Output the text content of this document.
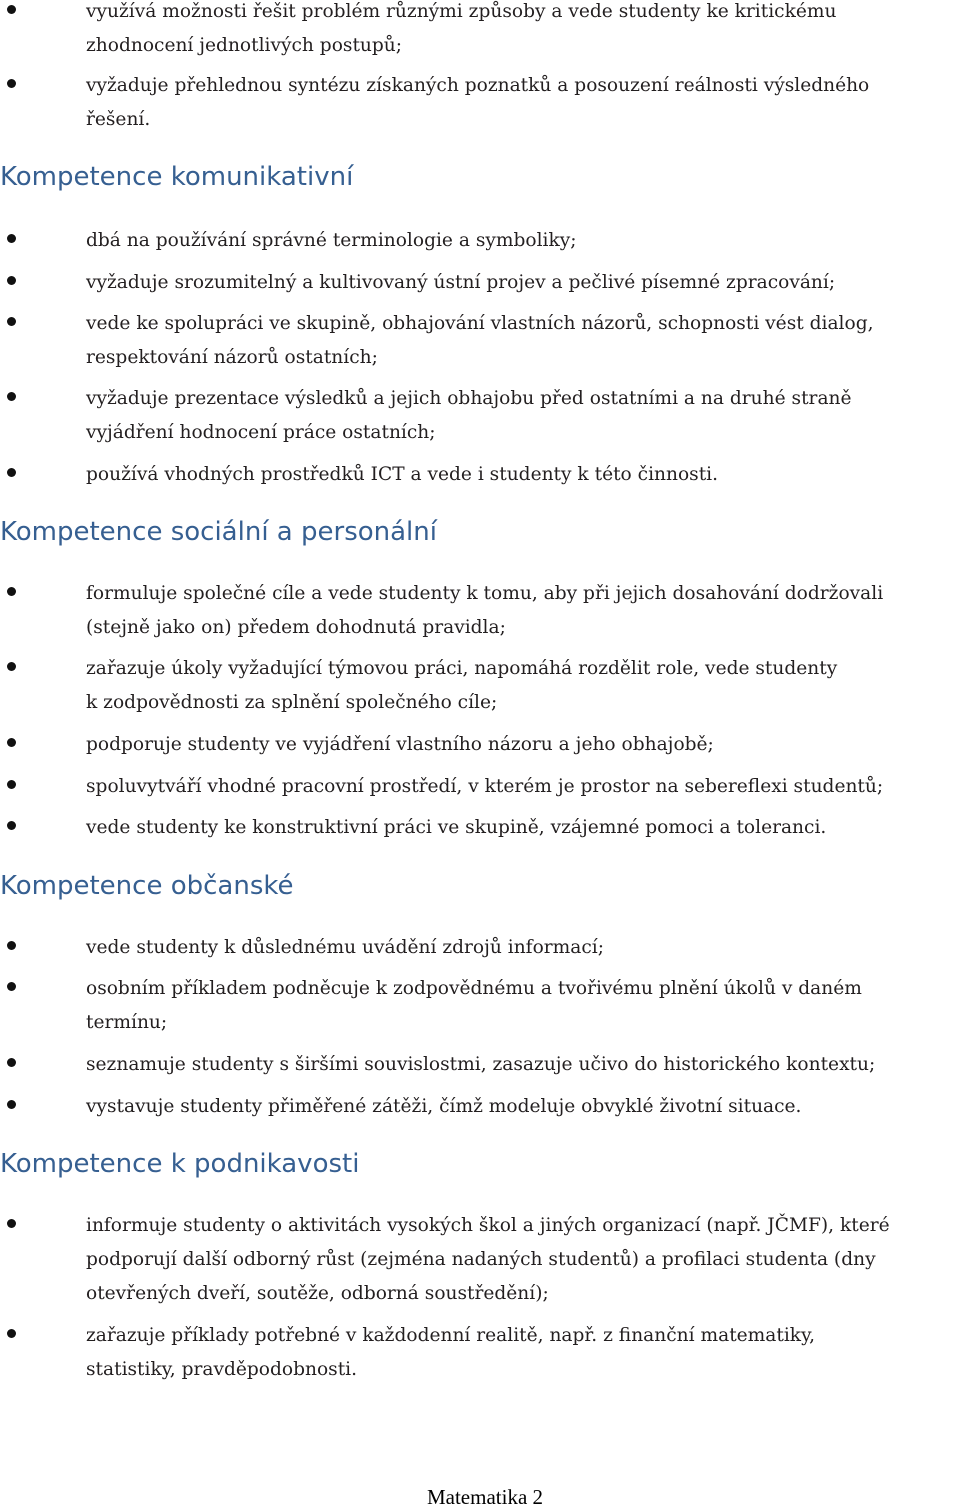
využívá možnosti řešit problém různými způsoby a vede studenty ke kritickému
zhodnocení jednotlivých postupů;
vyžaduje přehlednou syntézu získaných poznatků a posouzení reálnosti výsledného
řešení.
Kompetence komunikativní
dbá na používání správné terminologie a symboliky;
vyžaduje srozumitelný a kultivovaný ústní projev a pečlivé písemné zpracování;
vede ke spolupráci ve skupině, obhajování vlastních názorů, schopnosti vést dialog,
respektování názorů ostatních;
vyžaduje prezentace výsledků a jejich obhajobu před ostatními a na druhé straně
vyjádření hodnocení práce ostatních;
používá vhodných prostředků ICT a vede i studenty k této činnosti.
Kompetence sociální a personální
formuluje společné cíle a vede studenty k tomu, aby při jejich dosahování dodržovali
(stejně jako on) předem dohodnutá pravidla;
zařazuje úkoly vyžadující týmovou práci, napomáhá rozdělit role, vede studenty
k zodpovědnosti za splnění společného cíle;
podporuje studenty ve vyjádření vlastního názoru a jeho obhajobě;
spoluvytváří vhodné pracovní prostředí, v kterém je prostor na sebereflexi studentů;
vede studenty ke konstruktivní práci ve skupině, vzájemné pomoci a toleranci.
Kompetence občanské
vede studenty k důslednému uvádění zdrojů informací;
osobním příkladem podněcuje k zodpovědnému a tvořivému plnění úkolů v daném
termínu;
seznamuje studenty s širšími souvislostmi, zasazuje učivo do historického kontextu;
vystavuje studenty přiměřené zátěži, čímž modeluje obvyklé životní situace.
Kompetence k podnikavosti
informuje studenty o aktivitách vysokých škol a jiných organizací (např. JČMF), které
podporují další odborný růst (zejména nadaných studentů) a profilaci studenta (dny
otevřených dveří, soutěže, odborná soustředění);
zařazuje příklady potřebné v každodenní realitě, např. z finanční matematiky,
statistiky, pravděpodobnosti.
Matematika 2
